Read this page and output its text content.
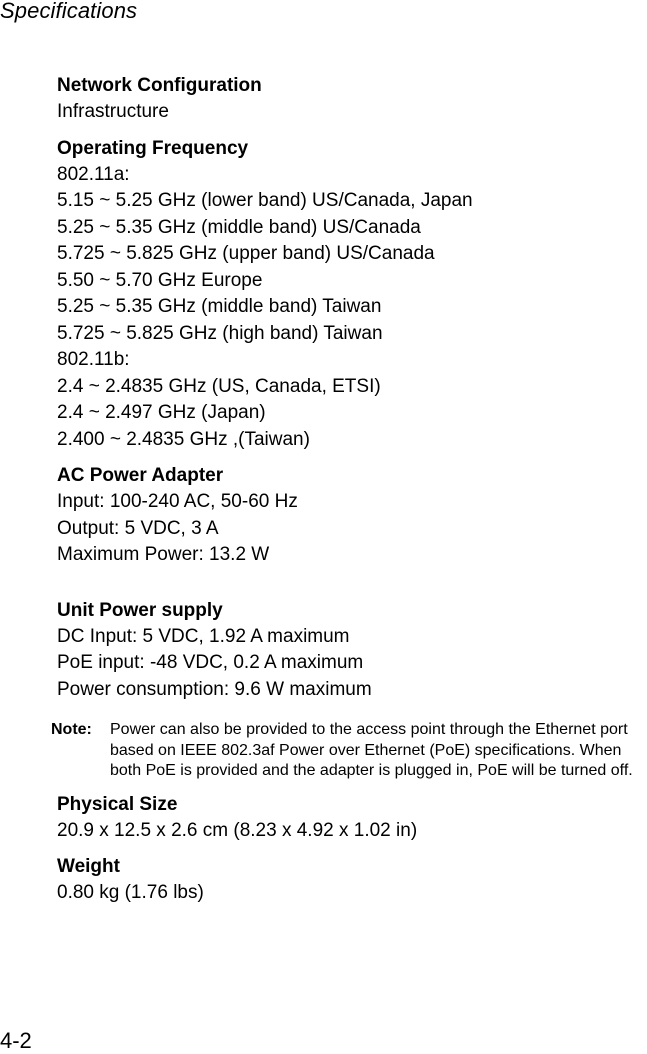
Specifications
Network Configuration
Infrastructure
Operating Frequency
802.11a:
5.15 ~ 5.25 GHz (lower band) US/Canada, Japan
5.25 ~ 5.35 GHz (middle band) US/Canada
5.725 ~ 5.825 GHz (upper band) US/Canada
5.50 ~ 5.70 GHz Europe
5.25 ~ 5.35 GHz (middle band) Taiwan
5.725 ~ 5.825 GHz (high band) Taiwan
802.11b:
2.4 ~ 2.4835 GHz (US, Canada, ETSI)
2.4 ~ 2.497 GHz (Japan)
2.400 ~ 2.4835 GHz ,(Taiwan)
AC Power Adapter
Input: 100-240 AC, 50-60 Hz
Output: 5 VDC, 3 A
Maximum Power: 13.2 W
Unit Power supply
DC Input: 5 VDC, 1.92 A maximum
PoE input: -48 VDC, 0.2 A maximum
Power consumption: 9.6 W maximum
Note: Power can also be provided to the access point through the Ethernet port based on IEEE 802.3af Power over Ethernet (PoE) specifications. When both PoE is provided and the adapter is plugged in, PoE will be turned off.
Physical Size
20.9 x 12.5 x 2.6 cm (8.23 x 4.92 x 1.02 in)
Weight
0.80 kg (1.76 lbs)
4-2
